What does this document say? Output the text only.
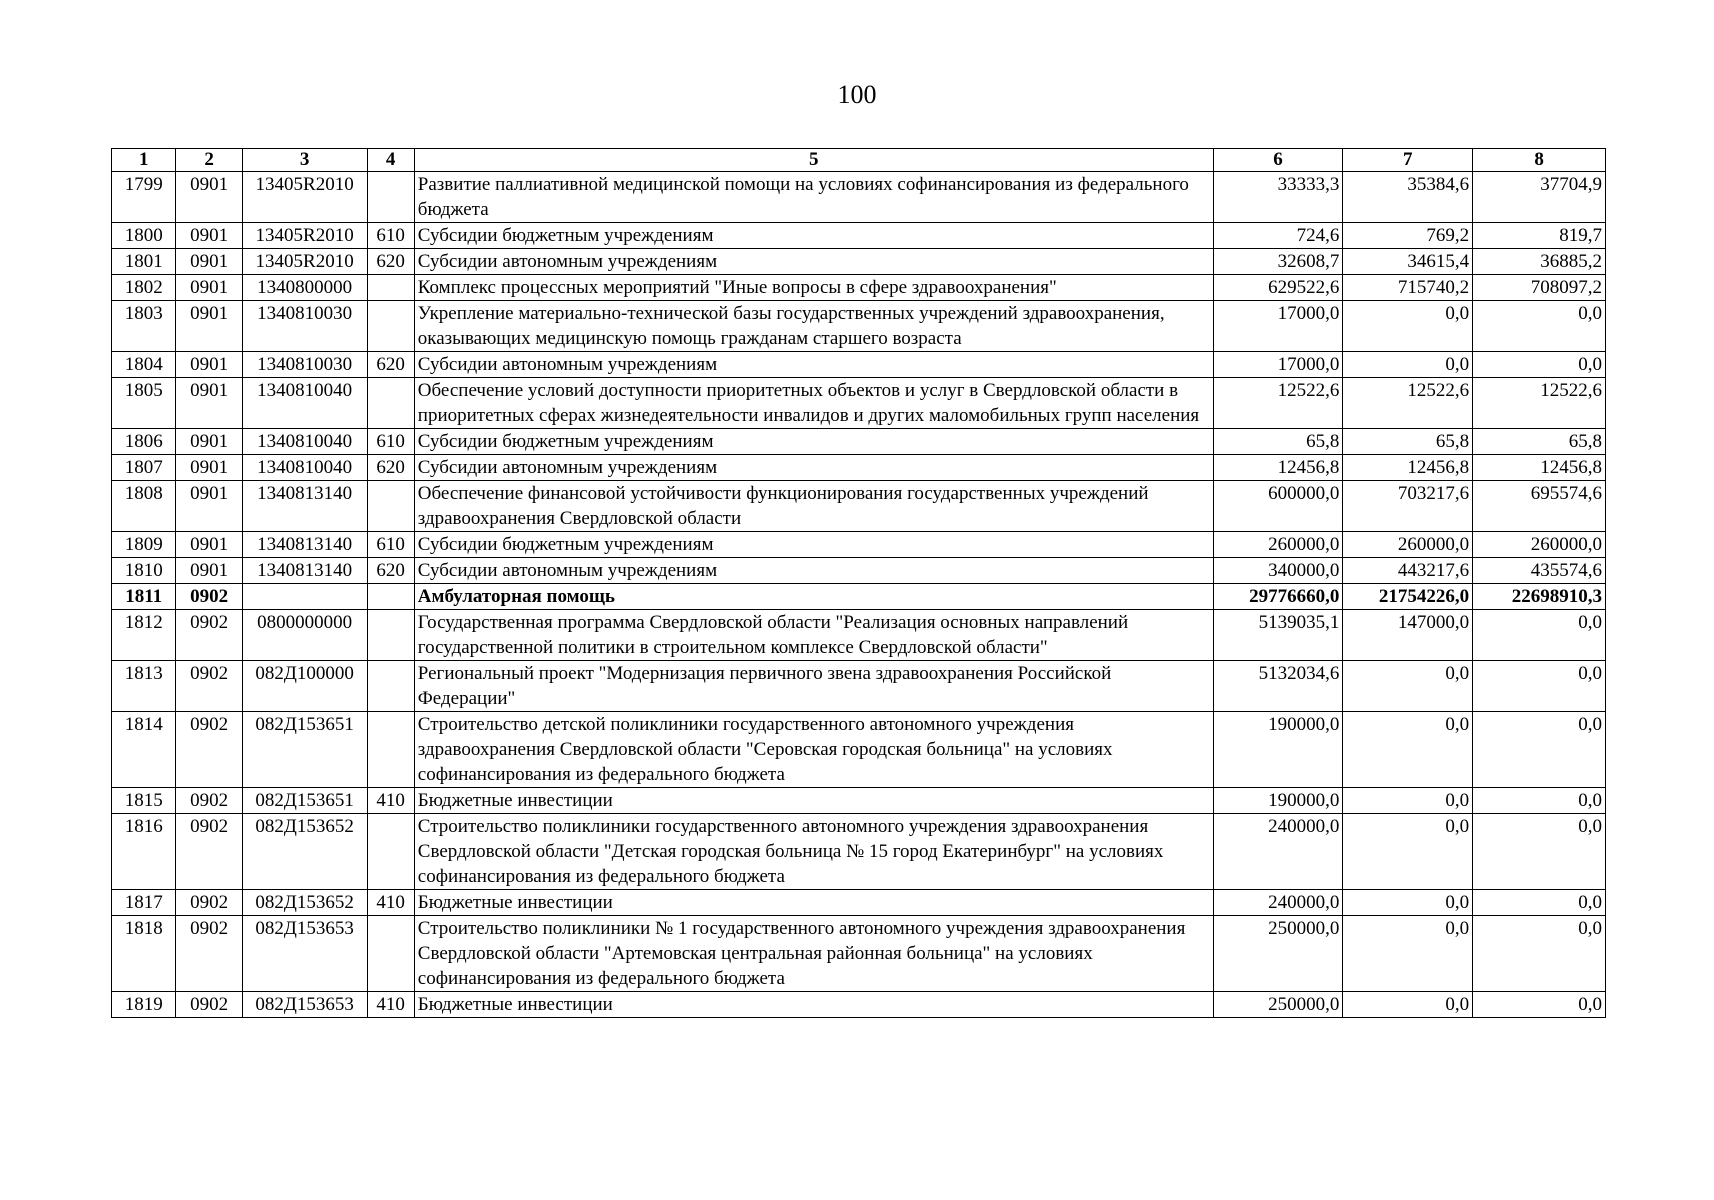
100
1	2	3	4	5	6	7	8
1799	0901	13405R2010		Развитие паллиативной медицинской помощи на условиях софинансирования из федерального бюджета	33333,3	35384,6	37704,9
1800	0901	13405R2010	610	Субсидии бюджетным учреждениям	724,6	769,2	819,7
1801	0901	13405R2010	620	Субсидии автономным учреждениям	32608,7	34615,4	36885,2
1802	0901	1340800000		Комплекс процессных мероприятий "Иные вопросы в сфере здравоохранения"	629522,6	715740,2	708097,2
1803	0901	1340810030		Укрепление материально-технической базы государственных учреждений здравоохранения, оказывающих медицинскую помощь гражданам старшего возраста	17000,0	0,0	0,0
1804	0901	1340810030	620	Субсидии автономным учреждениям	17000,0	0,0	0,0
1805	0901	1340810040		Обеспечение условий доступности приоритетных объектов и услуг в Свердловской области в приоритетных сферах жизнедеятельности инвалидов и других маломобильных групп населения	12522,6	12522,6	12522,6
1806	0901	1340810040	610	Субсидии бюджетным учреждениям	65,8	65,8	65,8
1807	0901	1340810040	620	Субсидии автономным учреждениям	12456,8	12456,8	12456,8
1808	0901	1340813140		Обеспечение финансовой устойчивости функционирования государственных учреждений здравоохранения Свердловской области	600000,0	703217,6	695574,6
1809	0901	1340813140	610	Субсидии бюджетным учреждениям	260000,0	260000,0	260000,0
1810	0901	1340813140	620	Субсидии автономным учреждениям	340000,0	443217,6	435574,6
1811	0902			Амбулаторная помощь	29776660,0	21754226,0	22698910,3
1812	0902	0800000000		Государственная программа Свердловской области "Реализация основных направлений государственной политики в строительном комплексе Свердловской области"	5139035,1	147000,0	0,0
1813	0902	082Д100000		Региональный проект "Модернизация первичного звена здравоохранения Российской Федерации"	5132034,6	0,0	0,0
1814	0902	082Д153651		Строительство детской поликлиники государственного автономного учреждения здравоохранения Свердловской области "Серовская городская больница" на условиях софинансирования из федерального бюджета	190000,0	0,0	0,0
1815	0902	082Д153651	410	Бюджетные инвестиции	190000,0	0,0	0,0
1816	0902	082Д153652		Строительство поликлиники государственного автономного учреждения здравоохранения Свердловской области "Детская городская больница № 15 город Екатеринбург" на условиях софинансирования из федерального бюджета	240000,0	0,0	0,0
1817	0902	082Д153652	410	Бюджетные инвестиции	240000,0	0,0	0,0
1818	0902	082Д153653		Строительство поликлиники № 1 государственного автономного учреждения здравоохранения Свердловской области "Артемовская центральная районная больница" на условиях софинансирования из федерального бюджета	250000,0	0,0	0,0
1819	0902	082Д153653	410	Бюджетные инвестиции	250000,0	0,0	0,0
